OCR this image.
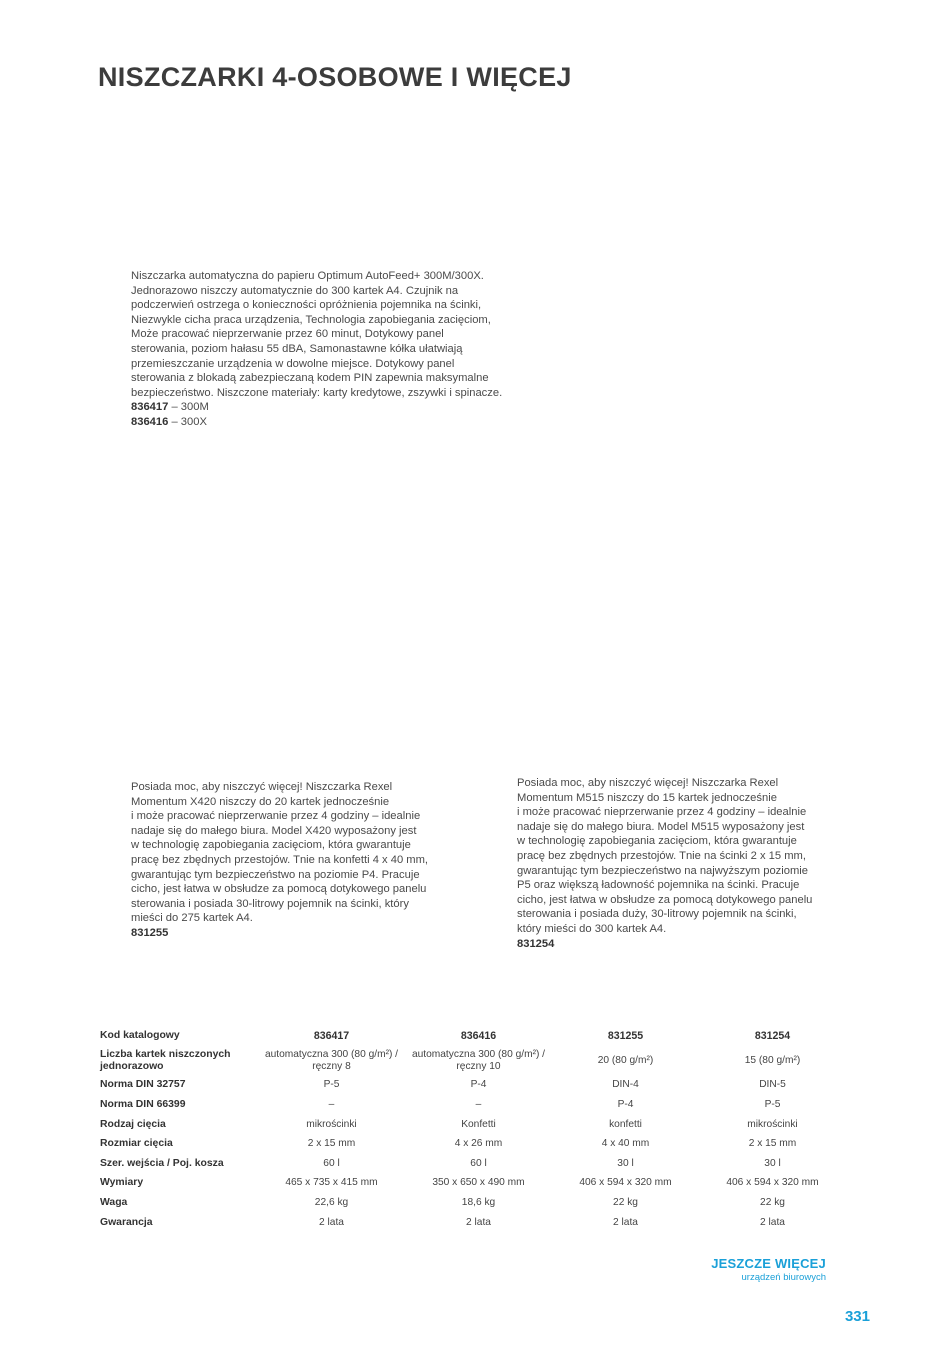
NISZCZARKI 4-OSOBOWE I WIĘCEJ
Niszczarka automatyczna do papieru Optimum AutoFeed+ 300M/300X.
Jednorazowo niszczy automatycznie do 300 kartek A4. Czujnik na
podczerwień ostrzega o konieczności opróżnienia pojemnika na ścinki,
Niezwykle cicha praca urządzenia, Technologia zapobiegania zacięciom,
Może pracować nieprzerwanie przez 60 minut, Dotykowy panel
sterowania, poziom hałasu 55 dBA, Samonastawne kółka ułatwiają
przemieszczanie urządzenia w dowolne miejsce. Dotykowy panel
sterowania z blokadą zabezpieczaną kodem PIN zapewnia maksymalne
bezpieczeństwo. Niszczone materiały: karty kredytowe, zszywki i spinacze.
836417 – 300M
836416 – 300X
Posiada moc, aby niszczyć więcej! Niszczarka Rexel
Momentum X420 niszczy do 20 kartek jednocześnie
i może pracować nieprzerwanie przez 4 godziny – idealnie
nadaje się do małego biura. Model X420 wyposażony jest
w technologię zapobiegania zacięciom, która gwarantuje
pracę bez zbędnych przestojów. Tnie na konfetti 4 x 40 mm,
gwarantując tym bezpieczeństwo na poziomie P4. Pracuje
cicho, jest łatwa w obsłudze za pomocą dotykowego panelu
sterowania i posiada 30-litrowy pojemnik na ścinki, który
mieści do 275 kartek A4.
831255
Posiada moc, aby niszczyć więcej! Niszczarka Rexel
Momentum M515 niszczy do 15 kartek jednocześnie
i może pracować nieprzerwanie przez 4 godziny – idealnie
nadaje się do małego biura. Model M515 wyposażony jest
w technologię zapobiegania zacięciom, która gwarantuje
pracę bez zbędnych przestojów. Tnie na ścinki 2 x 15 mm,
gwarantując tym bezpieczeństwo na najwyższym poziomie
P5 oraz większą ładowność pojemnika na ścinki. Pracuje
cicho, jest łatwa w obsłudze za pomocą dotykowego panelu
sterowania i posiada duży, 30-litrowy pojemnik na ścinki,
który mieści do 300 kartek A4.
831254
Kod katalogowy	836417	836416	831255	831254
Liczba kartek niszczonych jednorazowo	automatyczna 300 (80 g/m²) / ręczny 8	automatyczna 300 (80 g/m²) / ręczny 10	20 (80 g/m²)	15 (80 g/m²)
Norma DIN 32757	P-5	P-4	DIN-4	DIN-5
Norma DIN 66399	–	–	P-4	P-5
Rodzaj cięcia	mikrościnki	Konfetti	konfetti	mikrościnki
Rozmiar cięcia	2 x 15 mm	4 x 26 mm	4 x 40 mm	2 x 15 mm
Szer. wejścia / Poj. kosza	60 l	60 l	30 l	30 l
Wymiary	465 x 735 x 415 mm	350 x 650 x 490 mm	406 x 594 x 320 mm	406 x 594 x 320 mm
Waga	22,6 kg	18,6 kg	22 kg	22 kg
Gwarancja	2 lata	2 lata	2 lata	2 lata
JESZCZE WIĘCEJ
urządzeń biurowych
331
